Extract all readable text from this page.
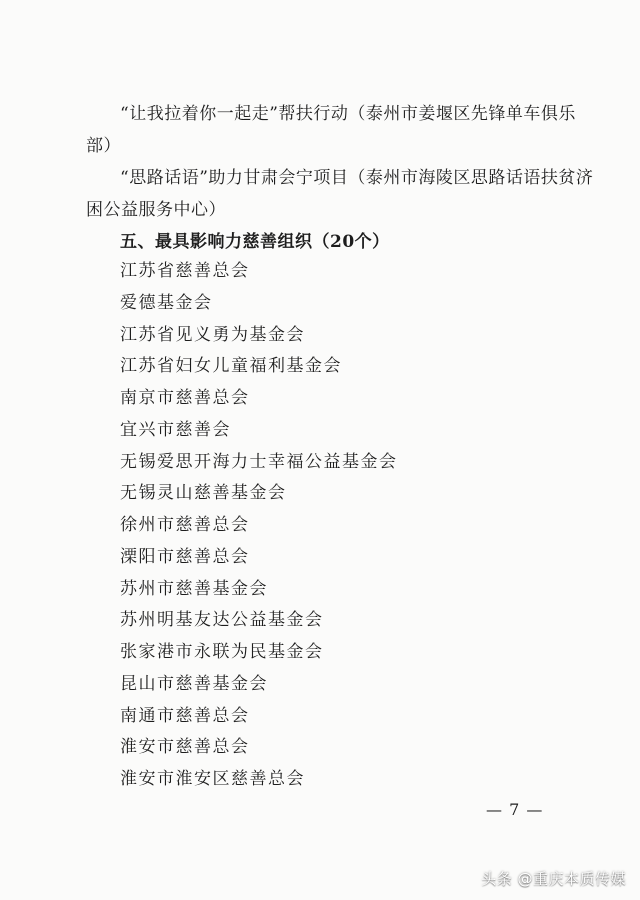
“让我拉着你一起走”帮扶行动（泰州市姜堰区先锋单车俱乐部）

“思路话语”助力甘肃会宁项目（泰州市海陵区思路话语扶贫济困公益服务中心）

五、最具影响力慈善组织（20个）

江苏省慈善总会
爱德基金会
江苏省见义勇为基金会
江苏省妇女儿童福利基金会
南京市慈善总会
宜兴市慈善会
无锡爱思开海力士幸福公益基金会
无锡灵山慈善基金会
徐州市慈善总会
溧阳市慈善总会
苏州市慈善基金会
苏州明基友达公益基金会
张家港市永联为民基金会
昆山市慈善基金会
南通市慈善总会
淮安市慈善总会
淮安市淮安区慈善总会
— 7 —
头条 @重庆本质传媒
